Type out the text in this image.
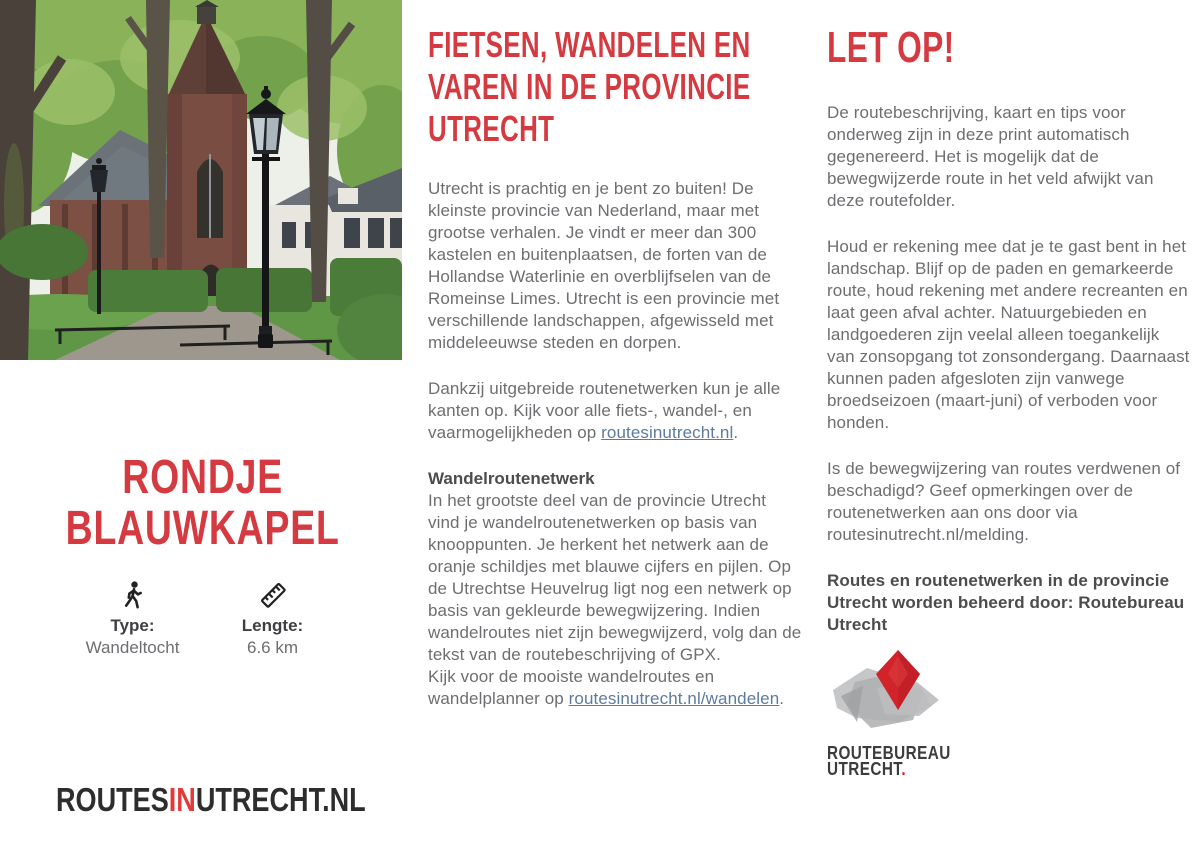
RONDJE
BLAUWKAPEL
Type:
Wandeltocht
Lengte:
6.6 km
ROUTESINUTRECHT.NL
FIETSEN, WANDELEN EN
VAREN IN DE PROVINCIE
UTRECHT

Utrecht is prachtig en je bent zo buiten! De kleinste provincie van Nederland, maar met grootse verhalen. Je vindt er meer dan 300 kastelen en buitenplaatsen, de forten van de Hollandse Waterlinie en overblijfselen van de Romeinse Limes. Utrecht is een provincie met verschillende landschappen, afgewisseld met middeleeuwse steden en dorpen.

Dankzij uitgebreide routenetwerken kun je alle kanten op. Kijk voor alle fiets-, wandel-, en vaarmogelijkheden op routesinutrecht.nl.

Wandelroutenetwerk

In het grootste deel van de provincie Utrecht vind je wandelroutenetwerken op basis van knooppunten. Je herkent het netwerk aan de oranje schildjes met blauwe cijfers en pijlen. Op de Utrechtse Heuvelrug ligt nog een netwerk op basis van gekleurde bewegwijzering. Indien wandelroutes niet zijn bewegwijzerd, volg dan de tekst van de routebeschrijving of GPX.

Kijk voor de mooiste wandelroutes en wandelplanner op routesinutrecht.nl/wandelen.

LET OP!

De routebeschrijving, kaart en tips voor onderweg zijn in deze print automatisch gegenereerd. Het is mogelijk dat de bewegwijzerde route in het veld afwijkt van deze routefolder.

Houd er rekening mee dat je te gast bent in het landschap. Blijf op de paden en gemarkeerde route, houd rekening met andere recreanten en laat geen afval achter. Natuurgebieden en landgoederen zijn veelal alleen toegankelijk van zonsopgang tot zonsondergang. Daarnaast kunnen paden afgesloten zijn vanwege broedseizoen (maart-juni) of verboden voor honden.

Is de bewegwijzering van routes verdwenen of beschadigd? Geef opmerkingen over de routenetwerken aan ons door via routesinutrecht.nl/melding.

Routes en routenetwerken in de provincie Utrecht worden beheerd door: Routebureau Utrecht

ROUTEBUREAU
UTRECHT.
